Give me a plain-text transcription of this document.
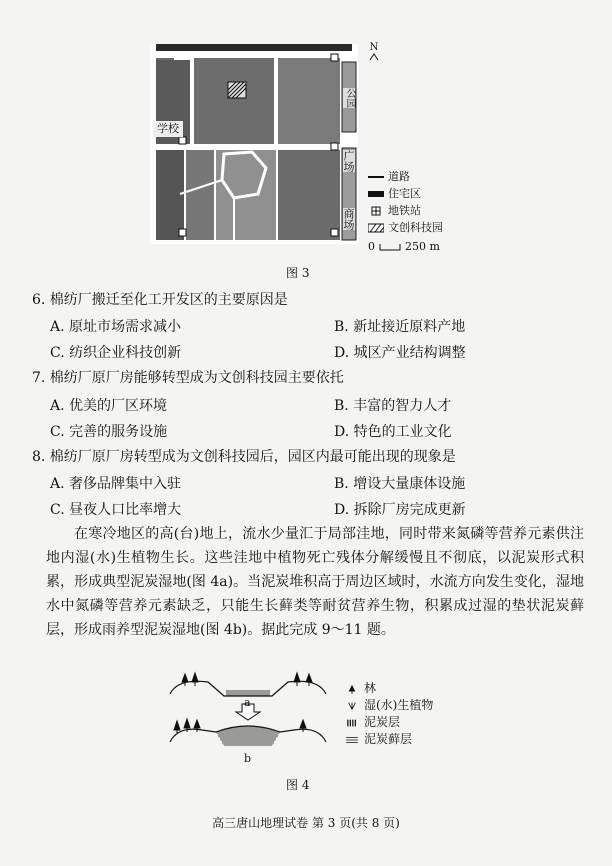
学校
公园
广场
商场
N
道路
住宅区
地铁站
文创科技园
0	250 m
图 3
6. 棉纺厂搬迁至化工开发区的主要原因是
A. 原址市场需求减小	B. 新址接近原料产地
C. 纺织企业科技创新	D. 城区产业结构调整
7. 棉纺厂原厂房能够转型成为文创科技园主要依托
A. 优美的厂区环境	B. 丰富的智力人才
C. 完善的服务设施	D. 特色的工业文化
8. 棉纺厂原厂房转型成为文创科技园后，园区内最可能出现的现象是
A. 奢侈品牌集中入驻	B. 增设大量康体设施
C. 昼夜人口比率增大	D. 拆除厂房完成更新
在寒冷地区的高(台)地上，流水少量汇于局部洼地，同时带来氮磷等营养元素供注地内湿(水)生植物生长。这些洼地中植物死亡残体分解缓慢且不彻底，以泥炭形式积累，形成典型泥炭湿地(图 4a)。当泥炭堆积高于周边区域时，水流方向发生变化，湿地水中氮磷等营养元素缺乏，只能生长藓类等耐贫营养生物，积累成过湿的垫状泥炭藓层，形成雨养型泥炭湿地(图 4b)。据此完成 9～11 题。
a
b
林
湿(水)生植物
泥炭层
泥炭藓层
图 4
高三唐山地理试卷 第 3 页(共 8 页)
